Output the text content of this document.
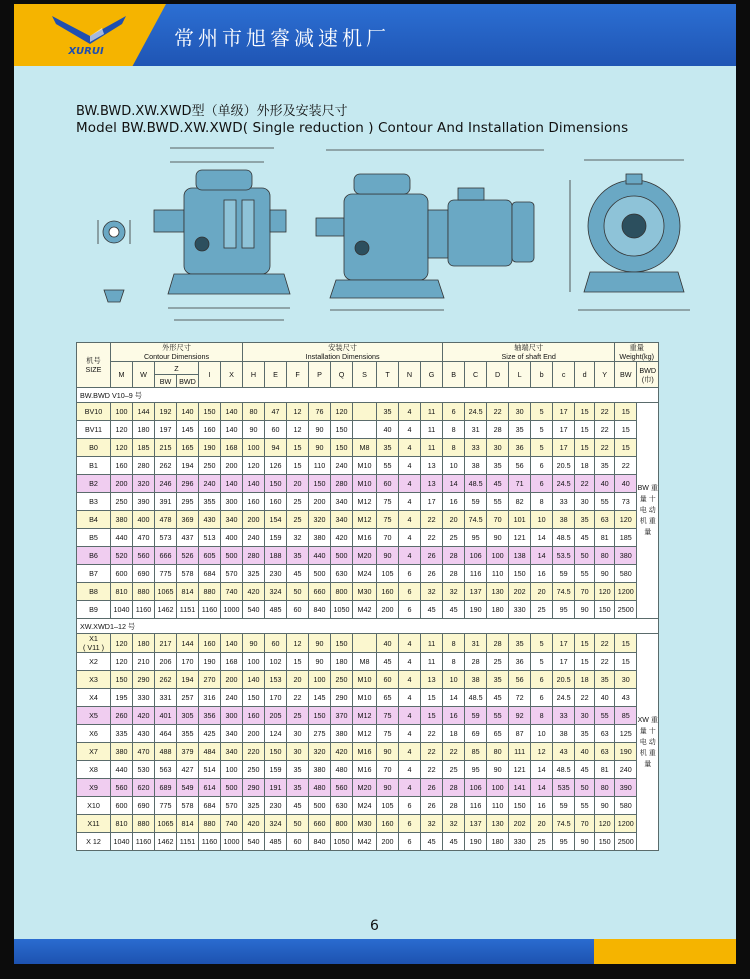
XURUI
常州市旭睿减速机厂
BW.BWD.XW.XWD型（单级）外形及安装尺寸
Model BW.BWD.XW.XWD( Single reduction ) Contour And Installation Dimensions
机号
SIZE	外形尺寸
Contour Dimensions						安装尺寸
Installation Dimensions									轴端尺寸
Size of shaft End								重量
Weight(kg)	
	M	W	Z		I	X	H	E	F	P	Q	S	T	N	G	B	C	D	L	b	c	d	Y	BW	BWD
(巾)
			BW	BWD																					
BW.BWD V10–9 号																									
BV10	100	144	192	140	150	140	80	47	12	76	120		35	4	11	6	24.5	22	30	5	17	15	22	15	BW 重 量 十 电 动 机 重 量
BV11	120	180	197	145	160	140	90	60	12	90	150		40	4	11	8	31	28	35	5	17	15	22	15	
B0	120	185	215	165	190	168	100	94	15	90	150	M8	35	4	11	8	33	30	36	5	17	15	22	15	
B1	160	280	262	194	250	200	120	126	15	110	240	M10	55	4	13	10	38	35	56	6	20.5	18	35	22	
B2	200	320	246	296	240	140	140	150	20	150	280	M10	60	4	13	14	48.5	45	71	6	24.5	22	40	40	
B3	250	390	391	295	355	300	160	160	25	200	340	M12	75	4	17	16	59	55	82	8	33	30	55	73	
B4	380	400	478	369	430	340	200	154	25	320	340	M12	75	4	22	20	74.5	70	101	10	38	35	63	120	
B5	440	470	573	437	513	400	240	159	32	380	420	M16	70	4	22	25	95	90	121	14	48.5	45	81	185	
B6	520	560	666	526	605	500	280	188	35	440	500	M20	90	4	26	28	106	100	138	14	53.5	50	80	380	
B7	600	690	775	578	684	570	325	230	45	500	630	M24	105	6	26	28	116	110	150	16	59	55	90	580	
B8	810	880	1065	814	880	740	420	324	50	660	800	M30	160	6	32	32	137	130	202	20	74.5	70	120	1200	
B9	1040	1160	1462	1151	1160	1000	540	485	60	840	1050	M42	200	6	45	45	190	180	330	25	95	90	150	2500	
XW.XWD1–12 号																									
X1
( V11 )	120	180	217	144	160	140	90	60	12	90	150		40	4	11	8	31	28	35	5	17	15	22	15	XW 重 量 十 电 动 机 重 量
X2	120	210	206	170	190	168	100	102	15	90	180	M8	45	4	11	8	28	25	36	5	17	15	22	15	
X3	150	290	262	194	270	200	140	153	20	100	250	M10	60	4	13	10	38	35	56	6	20.5	18	35	30	
X4	195	330	331	257	316	240	150	170	22	145	290	M10	65	4	15	14	48.5	45	72	6	24.5	22	40	43	
X5	260	420	401	305	356	300	160	205	25	150	370	M12	75	4	15	16	59	55	92	8	33	30	55	85	
X6	335	430	464	355	425	340	200	124	30	275	380	M12	75	4	22	18	69	65	87	10	38	35	63	125	
X7	380	470	488	379	484	340	220	150	30	320	420	M16	90	4	22	22	85	80	111	12	43	40	63	190	
X8	440	530	563	427	514	100	250	159	35	380	480	M16	70	4	22	25	95	90	121	14	48.5	45	81	240	
X9	560	620	689	549	614	500	290	191	35	480	560	M20	90	4	26	28	106	100	141	14	535	50	80	390	
X10	600	690	775	578	684	570	325	230	45	500	630	M24	105	6	26	28	116	110	150	16	59	55	90	580	
X11	810	880	1065	814	880	740	420	324	50	660	800	M30	160	6	32	32	137	130	202	20	74.5	70	120	1200	
X 12	1040	1160	1462	1151	1160	1000	540	485	60	840	1050	M42	200	6	45	45	190	180	330	25	95	90	150	2500	
6
